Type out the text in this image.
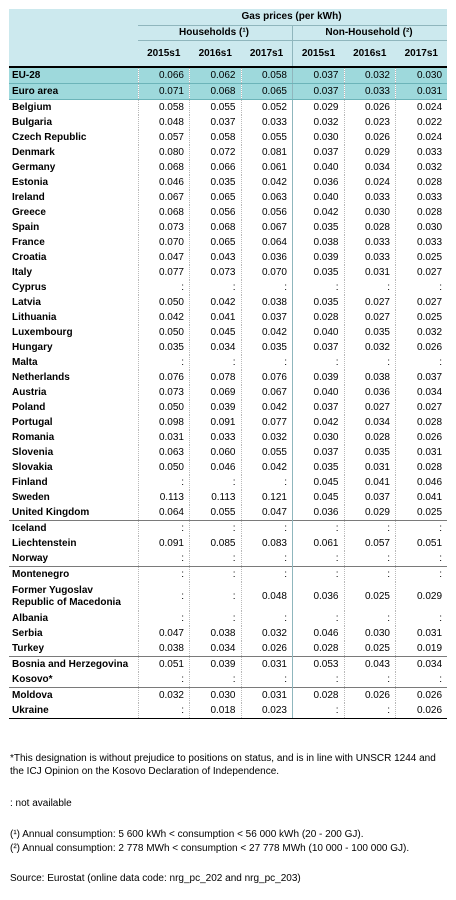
	Gas prices (per kWh)					
	Households (¹)			Non-Household (²)		
	2015s1	2016s1	2017s1	2015s1	2016s1	2017s1
EU-28	0.066	0.062	0.058	0.037	0.032	0.030
Euro area	0.071	0.068	0.065	0.037	0.033	0.031
Belgium	0.058	0.055	0.052	0.029	0.026	0.024
Bulgaria	0.048	0.037	0.033	0.032	0.023	0.022
Czech Republic	0.057	0.058	0.055	0.030	0.026	0.024
Denmark	0.080	0.072	0.081	0.037	0.029	0.033
Germany	0.068	0.066	0.061	0.040	0.034	0.032
Estonia	0.046	0.035	0.042	0.036	0.024	0.028
Ireland	0.067	0.065	0.063	0.040	0.033	0.033
Greece	0.068	0.056	0.056	0.042	0.030	0.028
Spain	0.073	0.068	0.067	0.035	0.028	0.030
France	0.070	0.065	0.064	0.038	0.033	0.033
Croatia	0.047	0.043	0.036	0.039	0.033	0.025
Italy	0.077	0.073	0.070	0.035	0.031	0.027
Cyprus	:	:	:	:	:	:
Latvia	0.050	0.042	0.038	0.035	0.027	0.027
Lithuania	0.042	0.041	0.037	0.028	0.027	0.025
Luxembourg	0.050	0.045	0.042	0.040	0.035	0.032
Hungary	0.035	0.034	0.035	0.037	0.032	0.026
Malta	:	:	:	:	:	:
Netherlands	0.076	0.078	0.076	0.039	0.038	0.037
Austria	0.073	0.069	0.067	0.040	0.036	0.034
Poland	0.050	0.039	0.042	0.037	0.027	0.027
Portugal	0.098	0.091	0.077	0.042	0.034	0.028
Romania	0.031	0.033	0.032	0.030	0.028	0.026
Slovenia	0.063	0.060	0.055	0.037	0.035	0.031
Slovakia	0.050	0.046	0.042	0.035	0.031	0.028
Finland	:	:	:	0.045	0.041	0.046
Sweden	0.113	0.113	0.121	0.045	0.037	0.041
United Kingdom	0.064	0.055	0.047	0.036	0.029	0.025
Iceland	:	:	:	:	:	:
Liechtenstein	0.091	0.085	0.083	0.061	0.057	0.051
Norway	:	:	:	:	:	:
Montenegro	:	:	:	:	:	:
Former Yugoslav Republic of Macedonia	:	:	0.048	0.036	0.025	0.029
Albania	:	:	:	:	:	:
Serbia	0.047	0.038	0.032	0.046	0.030	0.031
Turkey	0.038	0.034	0.026	0.028	0.025	0.019
Bosnia and Herzegovina	0.051	0.039	0.031	0.053	0.043	0.034
Kosovo*	:	:	:	:	:	:
Moldova	0.032	0.030	0.031	0.028	0.026	0.026
Ukraine	:	0.018	0.023	:	:	0.026
*This designation is without prejudice to positions on status, and is in line with UNSCR 1244 and the ICJ Opinion on the Kosovo Declaration of Independence.
: not available
(¹) Annual consumption: 5 600 kWh < consumption < 56 000 kWh (20 - 200 GJ).
(²) Annual consumption: 2 778 MWh < consumption < 27 778 MWh (10 000 - 100 000 GJ).
Source: Eurostat (online data code: nrg_pc_202 and nrg_pc_203)
